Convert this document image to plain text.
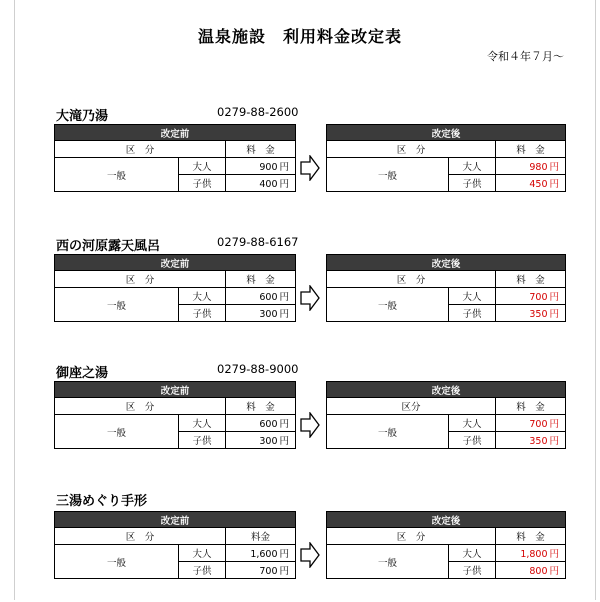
温泉施設　利用料金改定表
令和４年７月～
大滝乃湯	0279-88-2600
改定前		
区　分		料　金
一般	大人	900 円
	子供	400 円
改定後		
区　分		料　金
一般	大人	980 円
	子供	450 円
西の河原露天風呂	0279-88-6167
改定前		
区　分		料　金
一般	大人	600 円
	子供	300 円
改定後		
区　分		料　金
一般	大人	700 円
	子供	350 円
御座之湯	0279-88-9000
改定前		
区　分		料　金
一般	大人	600 円
	子供	300 円
改定後		
区分		料　金
一般	大人	700 円
	子供	350 円
三湯めぐり手形
改定前		
区　分		料金
一般	大人	1,600 円
	子供	700 円
改定後		
区　分		料　金
一般	大人	1,800 円
	子供	800 円
